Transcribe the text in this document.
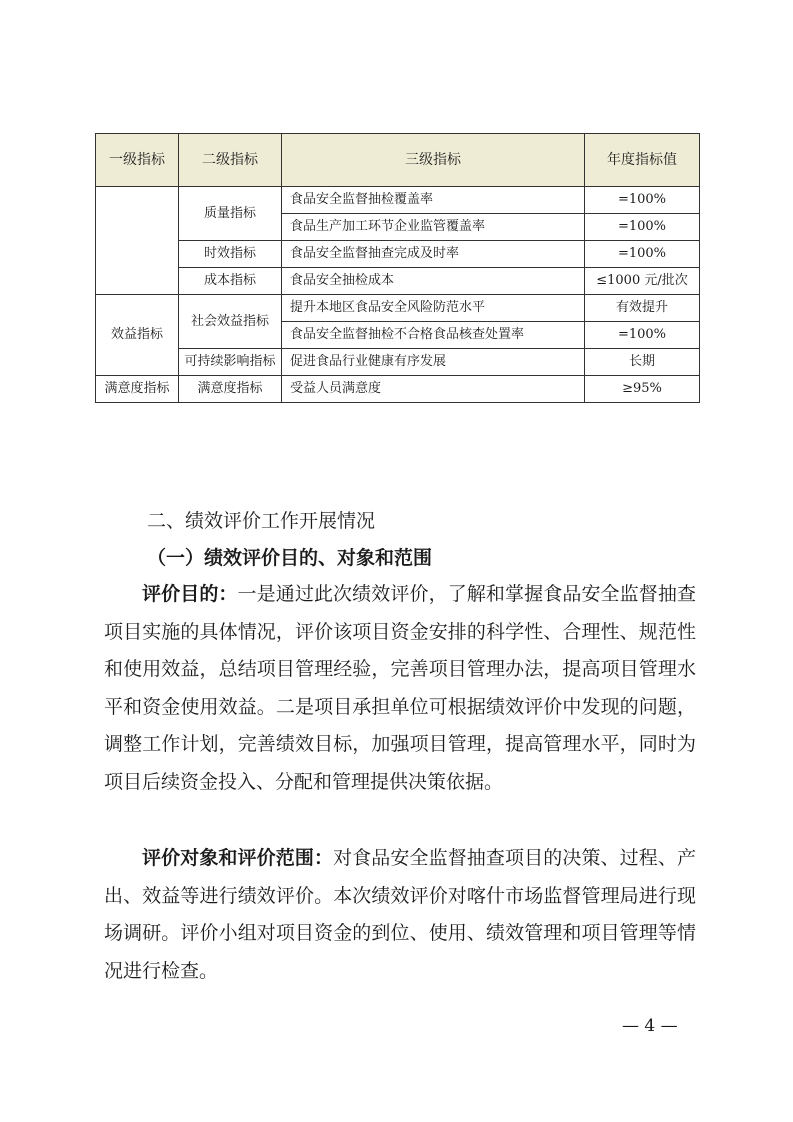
一级指标	二级指标	三级指标	年度指标值
	质量指标	食品安全监督抽检覆盖率	=100%
		食品生产加工环节企业监管覆盖率	=100%
	时效指标	食品安全监督抽查完成及时率	=100%
	成本指标	食品安全抽检成本	≤1000 元/批次

效益指标	社会效益指标	提升本地区食品安全风险防范水平	有效提升
		食品安全监督抽检不合格食品核查处置率	=100%
	可持续影响指标	促进食品行业健康有序发展	长期
满意度指标	满意度指标	受益人员满意度	≥95%
二、绩效评价工作开展情况
（一）绩效评价目的、对象和范围
评价目的：一是通过此次绩效评价，了解和掌握食品安全监督抽查项目实施的具体情况，评价该项目资金安排的科学性、合理性、规范性和使用效益，总结项目管理经验，完善项目管理办法，提高项目管理水平和资金使用效益。二是项目承担单位可根据绩效评价中发现的问题，调整工作计划，完善绩效目标，加强项目管理，提高管理水平，同时为项目后续资金投入、分配和管理提供决策依据。
评价对象和评价范围：对食品安全监督抽查项目的决策、过程、产出、效益等进行绩效评价。本次绩效评价对喀什市场监督管理局进行现场调研。评价小组对项目资金的到位、使用、绩效管理和项目管理等情况进行检查。
— 4 —
